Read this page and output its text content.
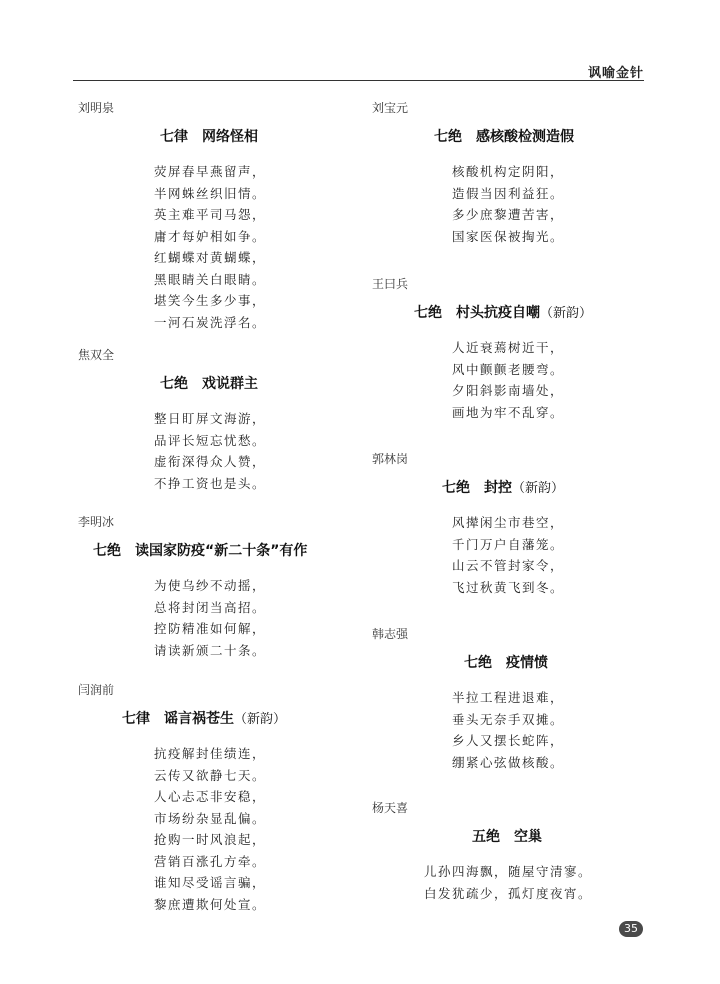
讽喻金针
刘明泉
七律　网络怪相
荧屏春早燕留声，
半网蛛丝织旧情。
英主难平司马怨，
庸才每妒相如争。
红蝴蝶对黄蝴蝶，
黑眼睛关白眼睛。
堪笑今生多少事，
一河石炭洗浮名。
焦双全
七绝　戏说群主
整日盯屏文海游，
品评长短忘忧愁。
虚衔深得众人赞，
不挣工资也是头。
李明冰
七绝　读国家防疫“新二十条”有作
为使乌纱不动摇，
总将封闭当高招。
控防精准如何解，
请读新颁二十条。
闫润前
七律　谣言祸苍生（新韵）
抗疫解封佳绩连，
云传又欲静七天。
人心忐忑非安稳，
市场纷杂显乱偏。
抢购一时风浪起，
营销百涨孔方牵。
谁知尽受谣言骗，
黎庶遭欺何处宣。
刘宝元
七绝　感核酸检测造假
核酸机构定阴阳，
造假当因利益狂。
多少庶黎遭苦害，
国家医保被掏光。
王曰兵
七绝　村头抗疫自嘲（新韵）
人近衰蔫树近干，
风中颤颤老腰弯。
夕阳斜影南墙处，
画地为牢不乱穿。
郭林岗
七绝　封控（新韵）
风撵闲尘市巷空，
千门万户自藩笼。
山云不管封家令，
飞过秋黄飞到冬。
韩志强
七绝　疫情愤
半拉工程进退难，
垂头无奈手双摊。
乡人又摆长蛇阵，
绷紧心弦做核酸。
杨天喜
五绝　空巢
儿孙四海飘，随屋守清寥。
白发犹疏少，孤灯度夜宵。
35
